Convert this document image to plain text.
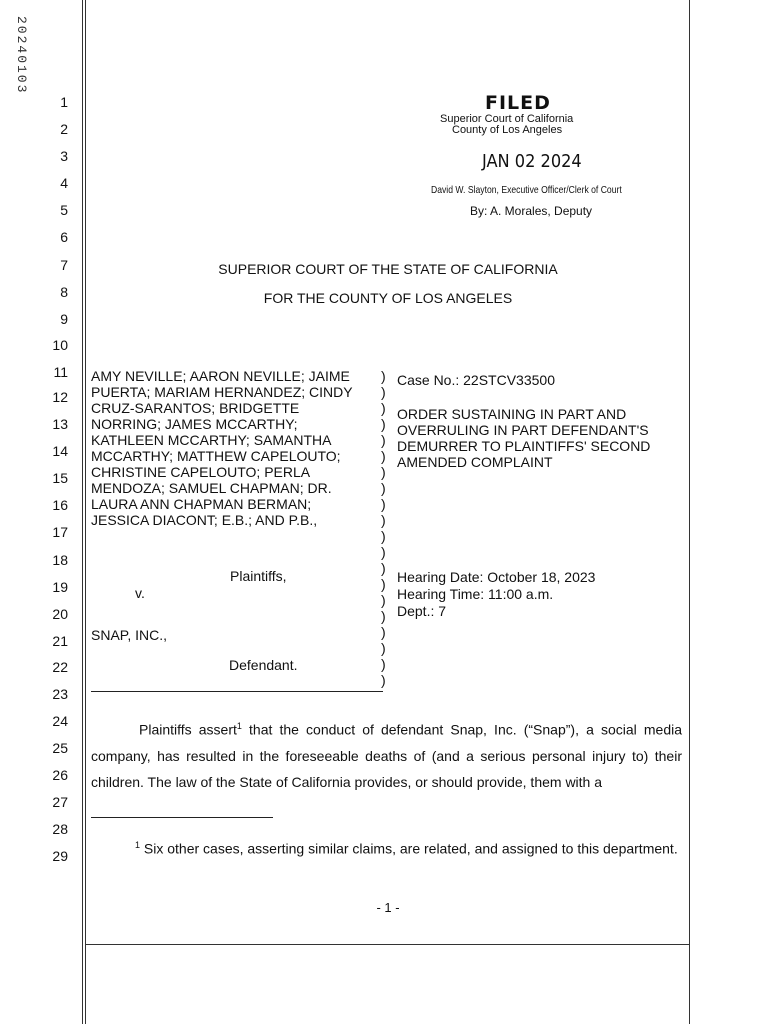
20240103
1
2
3
4
5
6
7
8
9
10
11
12
13
14
15
16
17
18
19
20
21
22
23
24
25
26
27
28
29
FILED
Superior Court of California
County of Los Angeles
JAN 02 2024
David W. Slayton, Executive Officer/Clerk of Court
By: A. Morales, Deputy
SUPERIOR COURT OF THE STATE OF CALIFORNIA
FOR THE COUNTY OF LOS ANGELES
AMY NEVILLE; AARON NEVILLE; JAIME
PUERTA; MARIAM HERNANDEZ; CINDY
CRUZ-SARANTOS; BRIDGETTE
NORRING; JAMES MCCARTHY;
KATHLEEN MCCARTHY; SAMANTHA
MCCARTHY; MATTHEW CAPELOUTO;
CHRISTINE CAPELOUTO; PERLA
MENDOZA; SAMUEL CHAPMAN; DR.
LAURA ANN CHAPMAN BERMAN;
JESSICA DIACONT; E.B.; AND P.B.,
Plaintiffs,
v.
SNAP, INC.,
Defendant.
)
)
)
)
)
)
)
)
)
)
)
)
)
)
)
)
)
)
)
)
Case No.: 22STCV33500
ORDER SUSTAINING IN PART AND
OVERRULING IN PART DEFENDANT'S
DEMURRER TO PLAINTIFFS' SECOND
AMENDED COMPLAINT
Hearing Date: October 18, 2023
Hearing Time: 11:00 a.m.
Dept.: 7
Plaintiffs assert$^1$ that the conduct of defendant Snap, Inc. (“Snap”), a social media company, has resulted in the foreseeable deaths of (and a serious personal injury to) their children. The law of the State of California provides, or should provide, them with a
$^1$ Six other cases, asserting similar claims, are related, and assigned to this department.
- 1 -
